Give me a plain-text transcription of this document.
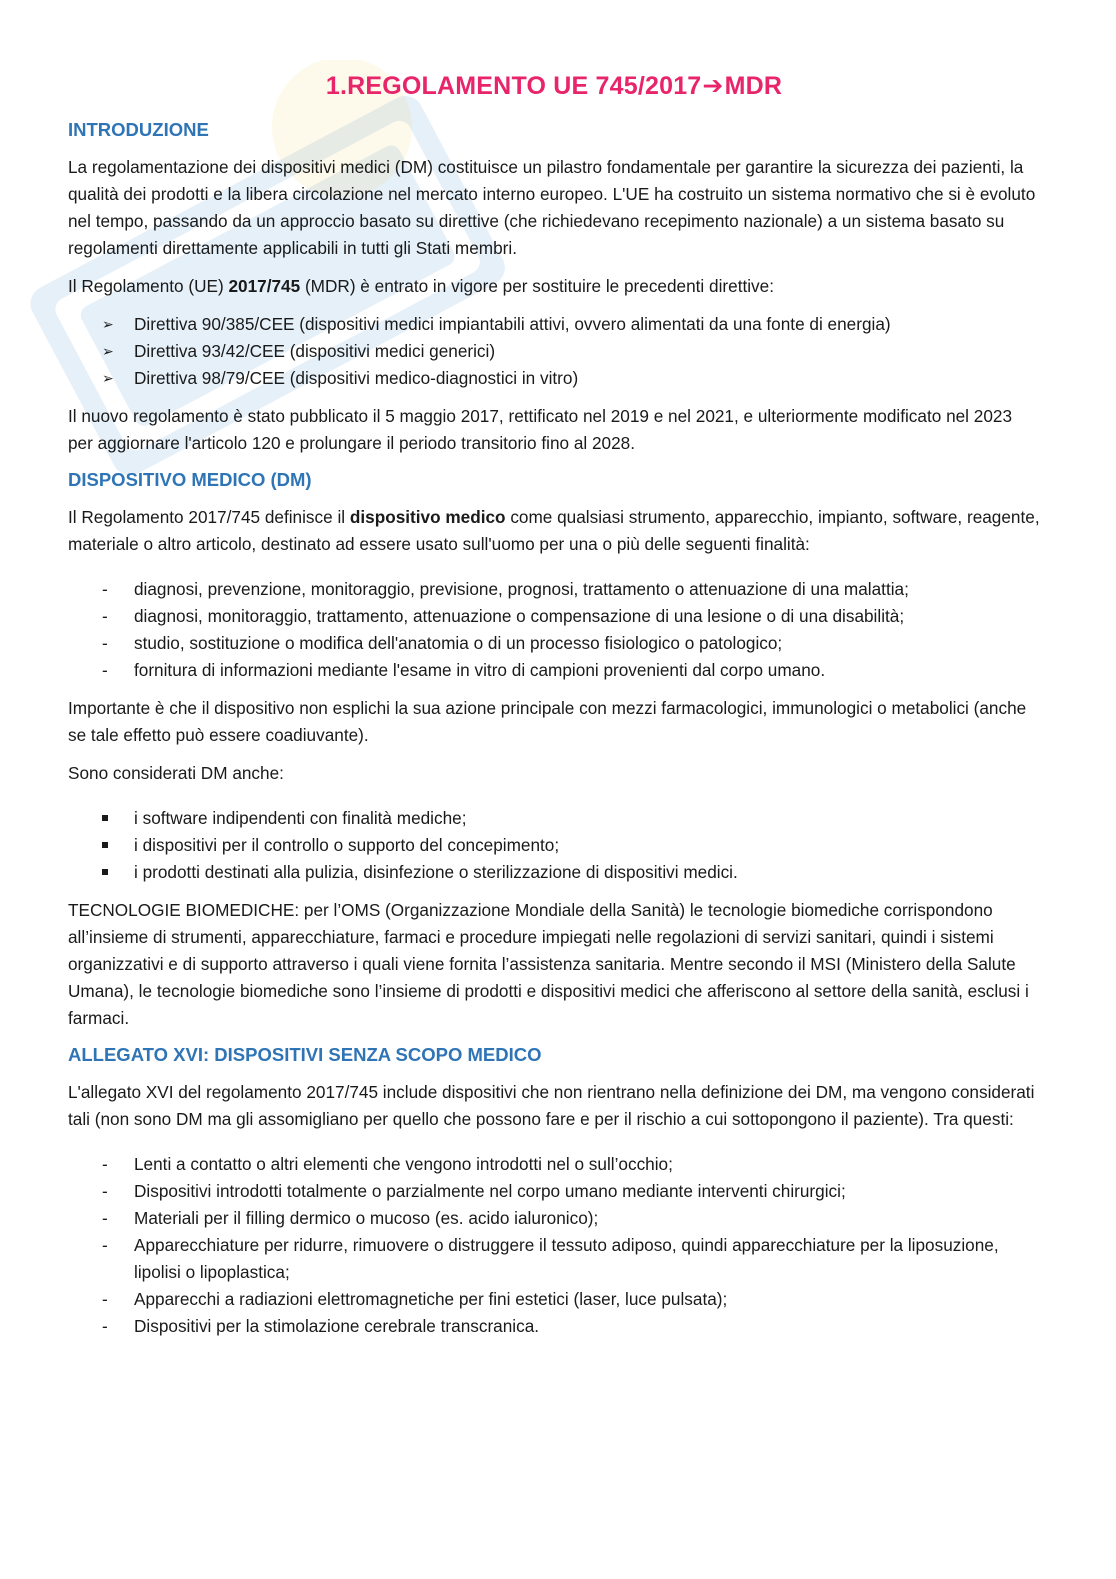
1.REGOLAMENTO UE 745/2017➔MDR
INTRODUZIONE

La regolamentazione dei dispositivi medici (DM) costituisce un pilastro fondamentale per garantire la sicurezza dei pazienti, la qualità dei prodotti e la libera circolazione nel mercato interno europeo. L'UE ha costruito un sistema normativo che si è evoluto nel tempo, passando da un approccio basato su direttive (che richiedevano recepimento nazionale) a un sistema basato su regolamenti direttamente applicabili in tutti gli Stati membri.

Il Regolamento (UE) 2017/745 (MDR) è entrato in vigore per sostituire le precedenti direttive:

➢	Direttiva 90/385/CEE (dispositivi medici impiantabili attivi, ovvero alimentati da una fonte di energia)
➢	Direttiva 93/42/CEE (dispositivi medici generici)
➢	Direttiva 98/79/CEE (dispositivi medico-diagnostici in vitro)

Il nuovo regolamento è stato pubblicato il 5 maggio 2017, rettificato nel 2019 e nel 2021, e ulteriormente modificato nel 2023 per aggiornare l'articolo 120 e prolungare il periodo transitorio fino al 2028.

DISPOSITIVO MEDICO (DM)

Il Regolamento 2017/745 definisce il dispositivo medico come qualsiasi strumento, apparecchio, impianto, software, reagente, materiale o altro articolo, destinato ad essere usato sull'uomo per una o più delle seguenti finalità:

-	diagnosi, prevenzione, monitoraggio, previsione, prognosi, trattamento o attenuazione di una malattia;
-	diagnosi, monitoraggio, trattamento, attenuazione o compensazione di una lesione o di una disabilità;
-	studio, sostituzione o modifica dell'anatomia o di un processo fisiologico o patologico;
-	fornitura di informazioni mediante l'esame in vitro di campioni provenienti dal corpo umano.

Importante è che il dispositivo non esplichi la sua azione principale con mezzi farmacologici, immunologici o metabolici (anche se tale effetto può essere coadiuvante).

Sono considerati DM anche:

i software indipendenti con finalità mediche;
i dispositivi per il controllo o supporto del concepimento;
i prodotti destinati alla pulizia, disinfezione o sterilizzazione di dispositivi medici.

TECNOLOGIE BIOMEDICHE: per l’OMS (Organizzazione Mondiale della Sanità) le tecnologie biomediche corrispondono all’insieme di strumenti, apparecchiature, farmaci e procedure impiegati nelle regolazioni di servizi sanitari, quindi i sistemi organizzativi e di supporto attraverso i quali viene fornita l’assistenza sanitaria. Mentre secondo il MSI (Ministero della Salute Umana), le tecnologie biomediche sono l’insieme di prodotti e dispositivi medici che afferiscono al settore della sanità, esclusi i farmaci.

ALLEGATO XVI: DISPOSITIVI SENZA SCOPO MEDICO

L'allegato XVI del regolamento 2017/745 include dispositivi che non rientrano nella definizione dei DM, ma vengono considerati tali (non sono DM ma gli assomigliano per quello che possono fare e per il rischio a cui sottopongono il paziente). Tra questi:

-	Lenti a contatto o altri elementi che vengono introdotti nel o sull’occhio;
-	Dispositivi introdotti totalmente o parzialmente nel corpo umano mediante interventi chirurgici;
-	Materiali per il filling dermico o mucoso (es. acido ialuronico);
-	Apparecchiature per ridurre, rimuovere o distruggere il tessuto adiposo, quindi apparecchiature per la liposuzione, lipolisi o lipoplastica;
-	Apparecchi a radiazioni elettromagnetiche per fini estetici (laser, luce pulsata);
-	Dispositivi per la stimolazione cerebrale transcranica.
